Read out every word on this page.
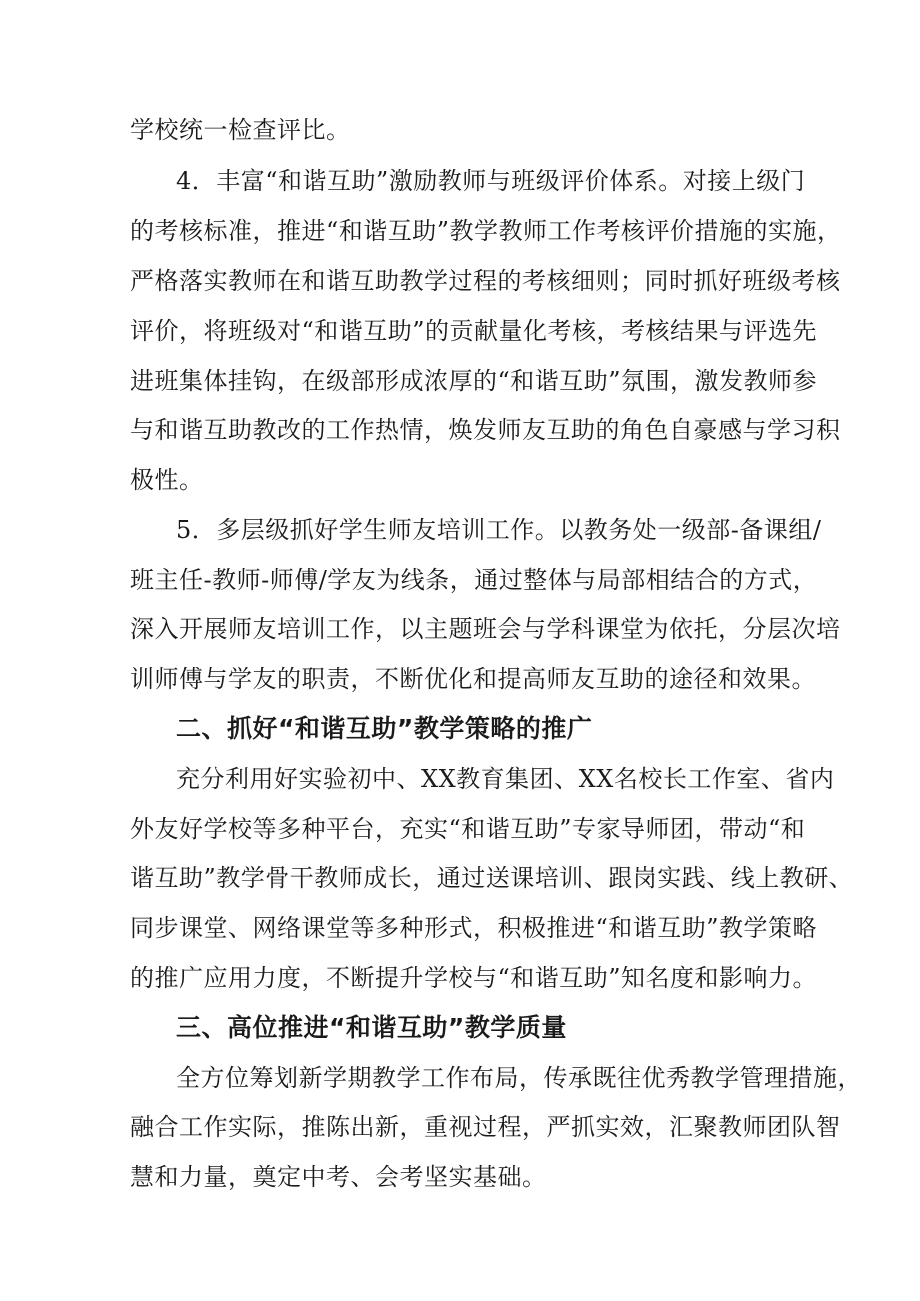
学校统一检查评比。
4．丰富“和谐互助”激励教师与班级评价体系。对接上级门
的考核标准，推进“和谐互助”教学教师工作考核评价措施的实施，
严格落实教师在和谐互助教学过程的考核细则；同时抓好班级考核
评价，将班级对“和谐互助”的贡献量化考核，考核结果与评选先
进班集体挂钩，在级部形成浓厚的“和谐互助”氛围，激发教师参
与和谐互助教改的工作热情，焕发师友互助的角色自豪感与学习积
极性。
5．多层级抓好学生师友培训工作。以教务处一级部-备课组/
班主任-教师-师傅/学友为线条，通过整体与局部相结合的方式，
深入开展师友培训工作，以主题班会与学科课堂为依托，分层次培
训师傅与学友的职责，不断优化和提高师友互助的途径和效果。
二、抓好“和谐互助”教学策略的推广
充分利用好实验初中、XX教育集团、XX名校长工作室、省内
外友好学校等多种平台，充实“和谐互助”专家导师团，带动“和
谐互助”教学骨干教师成长，通过送课培训、跟岗实践、线上教研、
同步课堂、网络课堂等多种形式，积极推进“和谐互助”教学策略
的推广应用力度，不断提升学校与“和谐互助”知名度和影响力。
三、高位推进“和谐互助”教学质量
全方位筹划新学期教学工作布局，传承既往优秀教学管理措施，
融合工作实际，推陈出新，重视过程，严抓实效，汇聚教师团队智
慧和力量，奠定中考、会考坚实基础。
